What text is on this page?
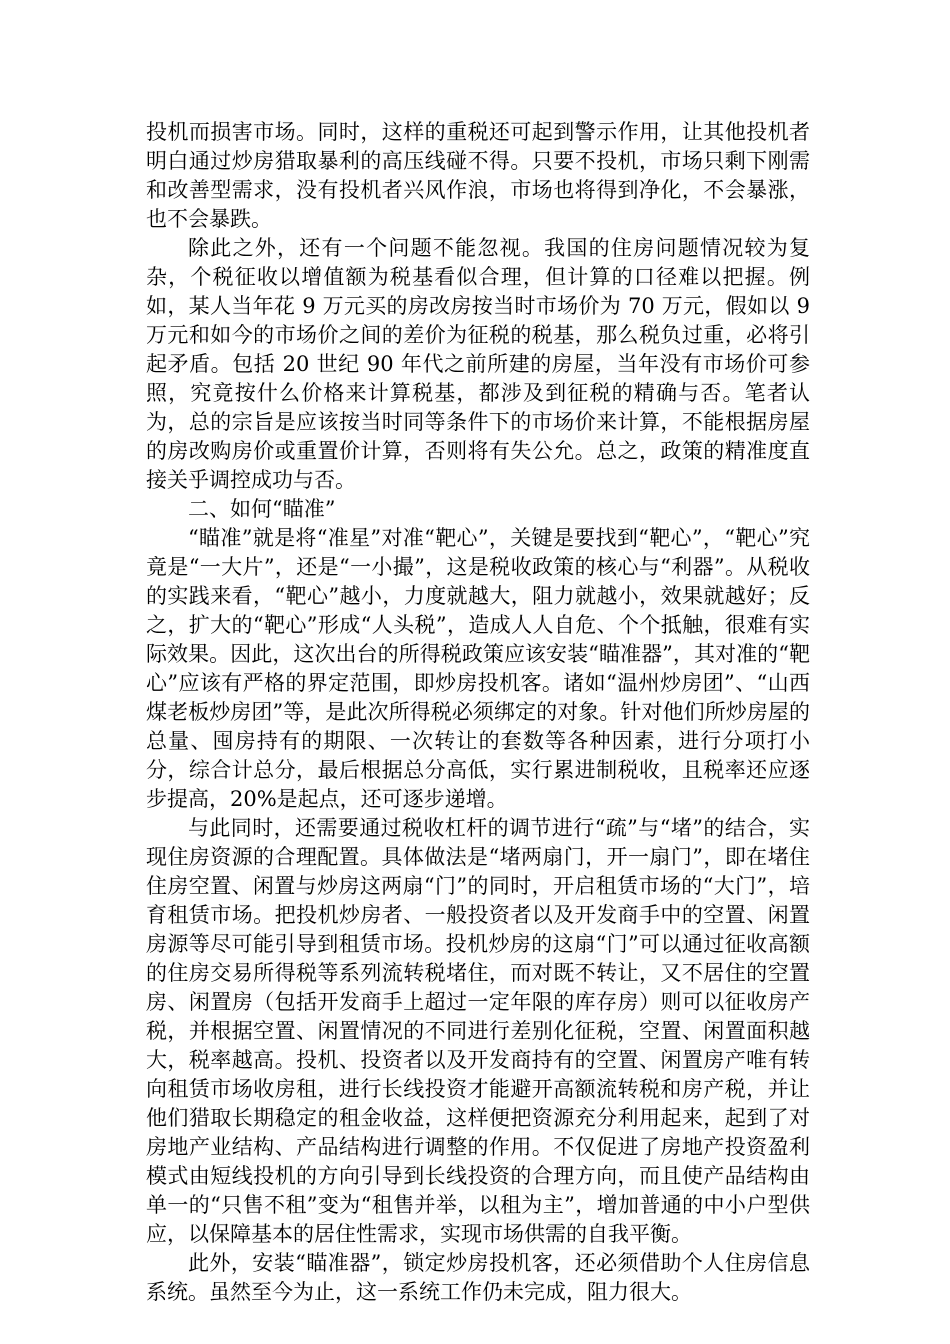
投机而损害市场。同时，这样的重税还可起到警示作用，让其他投机者明白通过炒房猎取暴利的高压线碰不得。只要不投机，市场只剩下刚需和改善型需求，没有投机者兴风作浪，市场也将得到净化，不会暴涨，也不会暴跌。

除此之外，还有一个问题不能忽视。我国的住房问题情况较为复杂，个税征收以增值额为税基看似合理，但计算的口径难以把握。例如，某人当年花 9 万元买的房改房按当时市场价为 70 万元，假如以 9 万元和如今的市场价之间的差价为征税的税基，那么税负过重，必将引起矛盾。包括 20 世纪 90 年代之前所建的房屋，当年没有市场价可参照，究竟按什么价格来计算税基，都涉及到征税的精确与否。笔者认为，总的宗旨是应该按当时同等条件下的市场价来计算，不能根据房屋的房改购房价或重置价计算，否则将有失公允。总之，政策的精准度直接关乎调控成功与否。

二、如何“瞄准”

“瞄准”就是将“准星”对准“靶心”，关键是要找到“靶心”，“靶心”究竟是“一大片”，还是“一小撮”，这是税收政策的核心与“利器”。从税收的实践来看，“靶心”越小，力度就越大，阻力就越小，效果就越好；反之，扩大的“靶心”形成“人头税”，造成人人自危、个个抵触，很难有实际效果。因此，这次出台的所得税政策应该安装“瞄准器”，其对准的“靶心”应该有严格的界定范围，即炒房投机客。诸如“温州炒房团”、“山西煤老板炒房团”等，是此次所得税必须绑定的对象。针对他们所炒房屋的总量、囤房持有的期限、一次转让的套数等各种因素，进行分项打小分，综合计总分，最后根据总分高低，实行累进制税收，且税率还应逐步提高，20%是起点，还可逐步递增。

与此同时，还需要通过税收杠杆的调节进行“疏”与“堵”的结合，实现住房资源的合理配置。具体做法是“堵两扇门，开一扇门”，即在堵住住房空置、闲置与炒房这两扇“门”的同时，开启租赁市场的“大门”，培育租赁市场。把投机炒房者、一般投资者以及开发商手中的空置、闲置房源等尽可能引导到租赁市场。投机炒房的这扇“门”可以通过征收高额的住房交易所得税等系列流转税堵住，而对既不转让，又不居住的空置房、闲置房（包括开发商手上超过一定年限的库存房）则可以征收房产税，并根据空置、闲置情况的不同进行差别化征税，空置、闲置面积越大，税率越高。投机、投资者以及开发商持有的空置、闲置房产唯有转向租赁市场收房租，进行长线投资才能避开高额流转税和房产税，并让他们猎取长期稳定的租金收益，这样便把资源充分利用起来，起到了对房地产业结构、产品结构进行调整的作用。不仅促进了房地产投资盈利模式由短线投机的方向引导到长线投资的合理方向，而且使产品结构由单一的“只售不租”变为“租售并举，以租为主”，增加普通的中小户型供应，以保障基本的居住性需求，实现市场供需的自我平衡。

此外，安装“瞄准器”，锁定炒房投机客，还必须借助个人住房信息系统。虽然至今为止，这一系统工作仍未完成，阻力很大。
